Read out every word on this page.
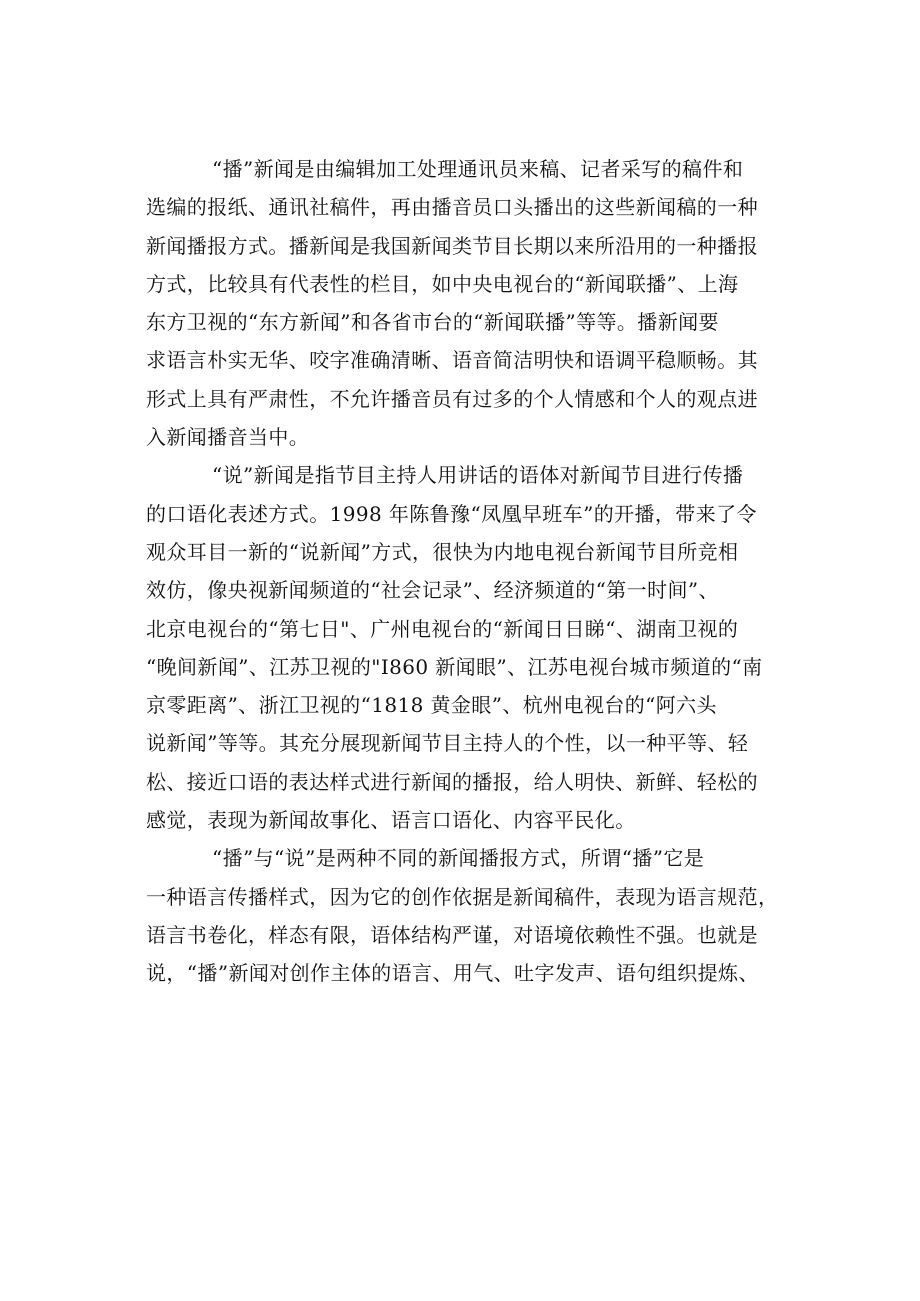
“播”新闻是由编辑加工处理通讯员来稿、记者采写的稿件和
选编的报纸、通讯社稿件，再由播音员口头播出的这些新闻稿的一种
新闻播报方式。播新闻是我国新闻类节目长期以来所沿用的一种播报
方式，比较具有代表性的栏目，如中央电视台的“新闻联播”、上海
东方卫视的“东方新闻”和各省市台的“新闻联播”等等。播新闻要
求语言朴实无华、咬字准确清晰、语音简洁明快和语调平稳顺畅。其
形式上具有严肃性，不允许播音员有过多的个人情感和个人的观点进
入新闻播音当中。
“说”新闻是指节目主持人用讲话的语体对新闻节目进行传播
的口语化表述方式。1998 年陈鲁豫“凤凰早班车”的开播，带来了令
观众耳目一新的“说新闻”方式，很快为内地电视台新闻节目所竞相
效仿，像央视新闻频道的“社会记录”、经济频道的“第一时间”、
北京电视台的“第七日"、广州电视台的“新闻日日睇“、湖南卫视的
“晚间新闻”、江苏卫视的"I860 新闻眼”、江苏电视台城市频道的“南
京零距离”、浙江卫视的“1818 黄金眼”、杭州电视台的“阿六头
说新闻”等等。其充分展现新闻节目主持人的个性，以一种平等、轻
松、接近口语的表达样式进行新闻的播报，给人明快、新鲜、轻松的
感觉，表现为新闻故事化、语言口语化、内容平民化。
“播”与“说”是两种不同的新闻播报方式，所谓“播”它是
一种语言传播样式，因为它的创作依据是新闻稿件，表现为语言规范，
语言书卷化，样态有限，语体结构严谨，对语境依赖性不强。也就是
说，“播”新闻对创作主体的语言、用气、吐字发声、语句组织提炼、
